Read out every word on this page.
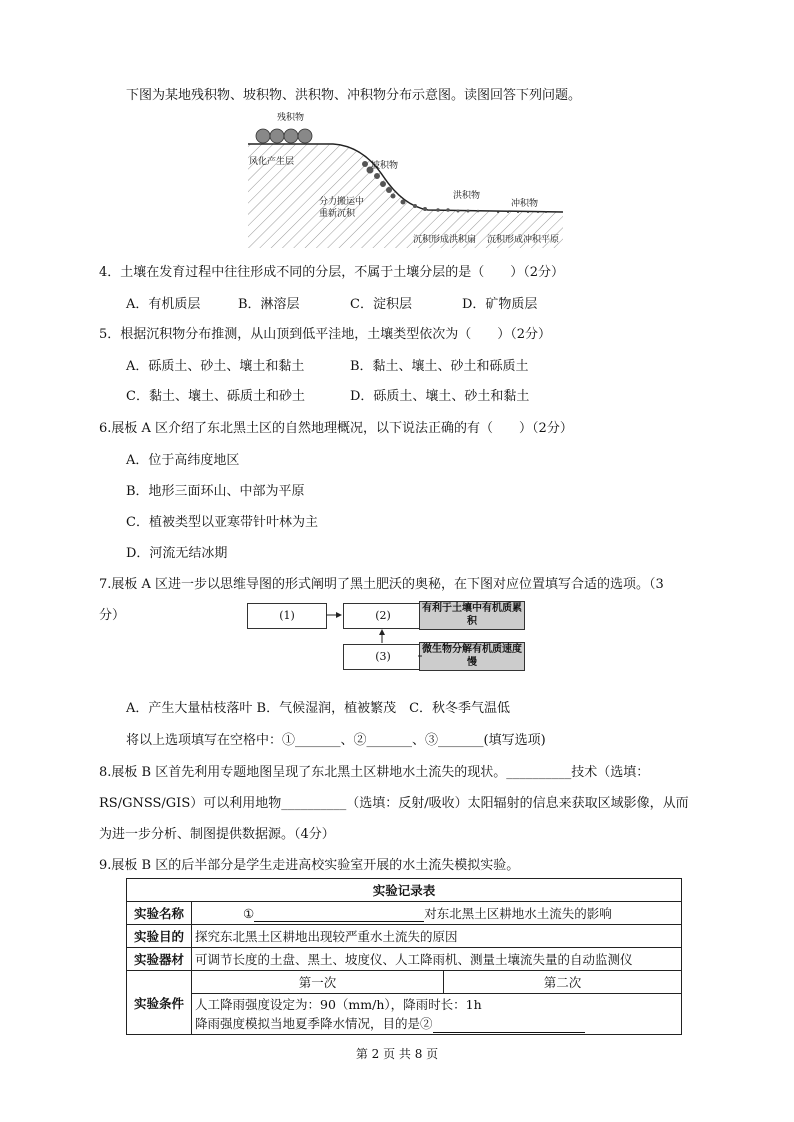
下图为某地残积物、坡积物、洪积物、冲积物分布示意图。读图回答下列问题。
残积物
风化产生层	坡积物
分力搬运中
重新沉积
洪积物
冲积物
沉积形成洪积扇 沉积形成冲积平原
4．土壤在发育过程中往往形成不同的分层，不属于土壤分层的是（　　）（2分）
A．有机质层	B．淋溶层	C．淀积层	D．矿物质层
5．根据沉积物分布推测，从山顶到低平洼地，土壤类型依次为（　　）（2分）
A．砾质土、砂土、壤土和黏土	B．黏土、壤土、砂土和砾质土
C．黏土、壤土、砾质土和砂土	D．砾质土、壤土、砂土和黏土
6.展板 A 区介绍了东北黑土区的自然地理概况，以下说法正确的有（　　）（2分）
A．位于高纬度地区
B．地形三面环山、中部为平原
C．植被类型以亚寒带针叶林为主
D．河流无结冰期
7.展板 A 区进一步以思维导图的形式阐明了黑土肥沃的奥秘，在下图对应位置填写合适的选项。（3
分）	(1)	(2)
(3)
有利于土壤中有机质累积
微生物分解有机质速度慢
A．产生大量枯枝落叶 B．气候湿润，植被繁茂　C．秋冬季气温低
将以上选项填写在空格中：①_______、②_______、③_______(填写选项)
8.展板 B 区首先利用专题地图呈现了东北黑土区耕地水土流失的现状。__________技术（选填：
RS/GNSS/GIS）可以利用地物__________（选填：反射/吸收）太阳辐射的信息来获取区域影像，从而
为进一步分析、制图提供数据源。（4分）
9.展板 B 区的后半部分是学生走进高校实验室开展的水土流失模拟实验。
实验记录表		
实验名称	① 对东北黑土区耕地水土流失的影响	
实验目的	探究东北黑土区耕地出现较严重水土流失的原因	
实验器材	可调节长度的土盘、黑土、坡度仪、人工降雨机、测量土壤流失量的自动监测仪	
实验条件	第一次	第二次

	人工降雨强度设定为：90（mm/h），降雨时长：1h
降雨强度模拟当地夏季降水情况，目的是②	
第 2 页 共 8 页
